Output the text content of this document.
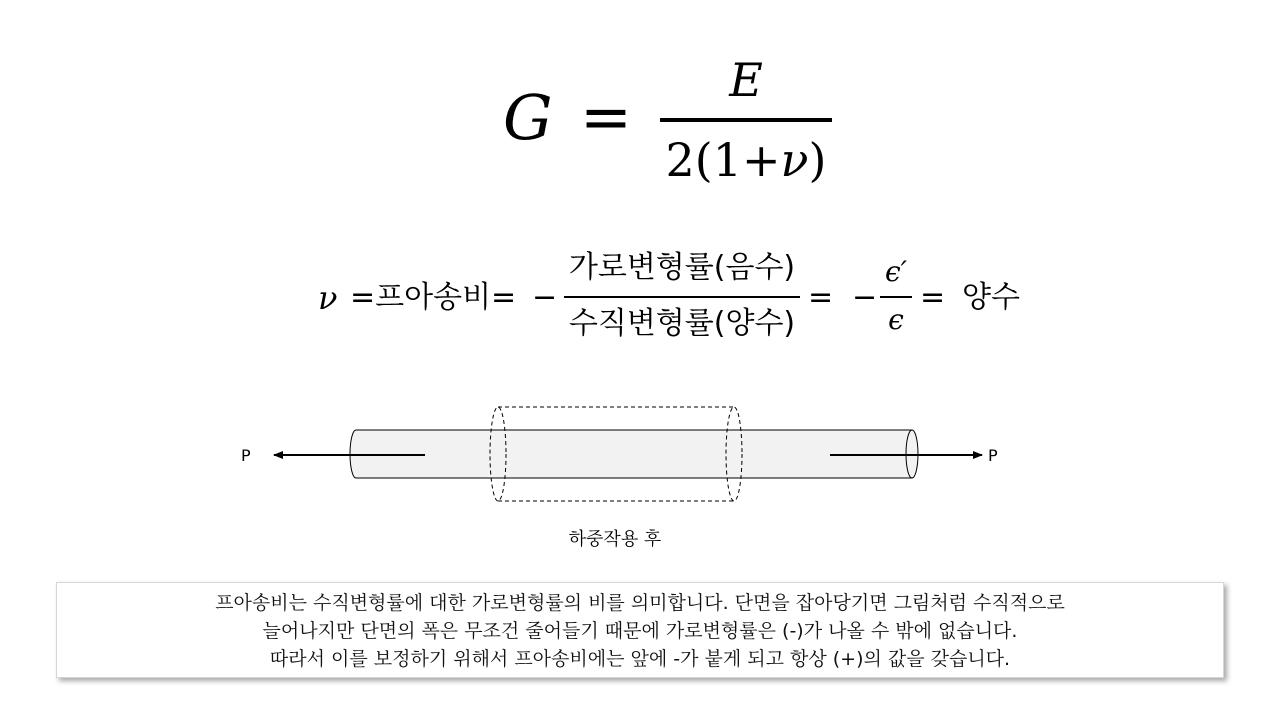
G =	E
2(1+ν)
ν =프아송비= −
가로변형률(음수)
수직변형률(양수)
= −
ϵ′
ϵ
= 양수
P	P
하중작용 후
프아송비는 수직변형률에 대한 가로변형률의 비를 의미합니다. 단면을 잡아당기면 그림처럼 수직적으로
늘어나지만 단면의 폭은 무조건 줄어들기 때문에 가로변형률은 (-)가 나올 수 밖에 없습니다.
따라서 이를 보정하기 위해서 프아송비에는 앞에 -가 붙게 되고 항상 (+)의 값을 갖습니다.
